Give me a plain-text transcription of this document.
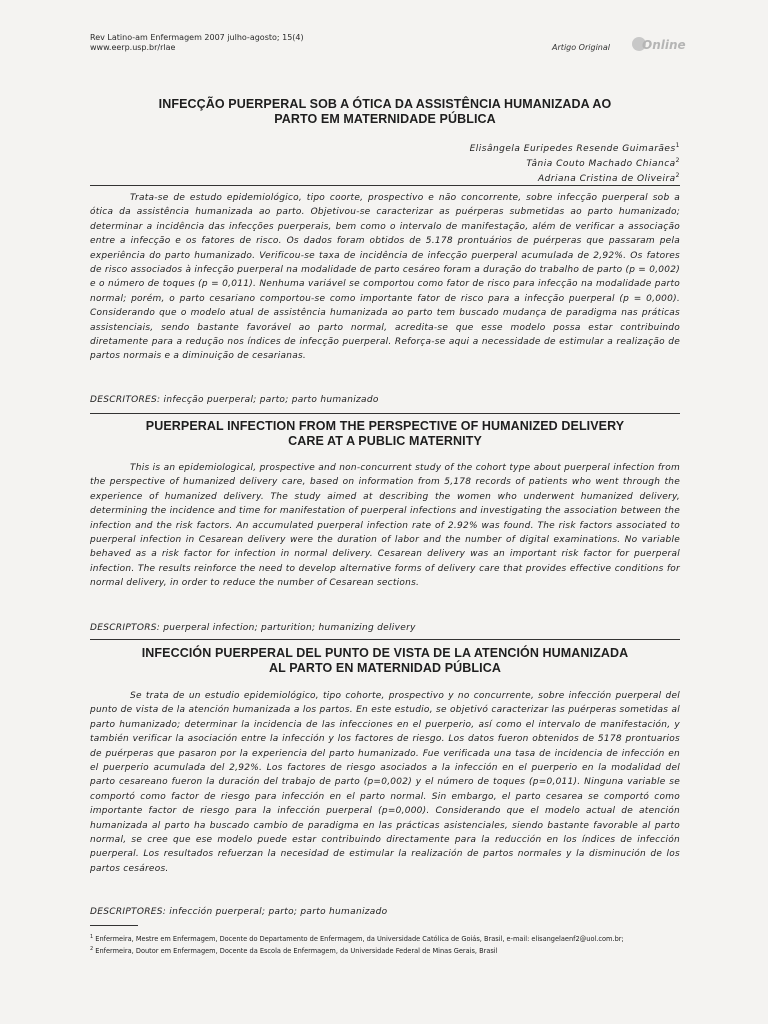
Rev Latino-am Enfermagem 2007 julho-agosto; 15(4)
www.eerp.usp.br/rlae	Artigo Original	Online
INFECÇÃO PUERPERAL SOB A ÓTICA DA ASSISTÊNCIA HUMANIZADA AO
PARTO EM MATERNIDADE PÚBLICA
Elisângela Euripedes Resende Guimarães$^1$
Tânia Couto Machado Chianca$^2$
Adriana Cristina de Oliveira$^2$

Trata-se de estudo epidemiológico, tipo coorte, prospectivo e não concorrente, sobre infecção puerperal sob a ótica da assistência humanizada ao parto. Objetivou-se caracterizar as puérperas submetidas ao parto humanizado; determinar a incidência das infecções puerperais, bem como o intervalo de manifestação, além de verificar a associação entre a infecção e os fatores de risco. Os dados foram obtidos de 5.178 prontuários de puérperas que passaram pela experiência do parto humanizado. Verificou-se taxa de incidência de infecção puerperal acumulada de 2,92%. Os fatores de risco associados à infecção puerperal na modalidade de parto cesáreo foram a duração do trabalho de parto (p = 0,002) e o número de toques (p = 0,011). Nenhuma variável se comportou como fator de risco para infecção na modalidade parto normal; porém, o parto cesariano comportou-se como importante fator de risco para a infecção puerperal (p = 0,000). Considerando que o modelo atual de assistência humanizada ao parto tem buscado mudança de paradigma nas práticas assistenciais, sendo bastante favorável ao parto normal, acredita-se que esse modelo possa estar contribuindo diretamente para a redução nos índices de infecção puerperal. Reforça-se aqui a necessidade de estimular a realização de partos normais e a diminuição de cesarianas.

DESCRITORES: infecção puerperal; parto; parto humanizado
PUERPERAL INFECTION FROM THE PERSPECTIVE OF HUMANIZED DELIVERY
CARE AT A PUBLIC MATERNITY

This is an epidemiological, prospective and non-concurrent study of the cohort type about puerperal infection from the perspective of humanized delivery care, based on information from 5,178 records of patients who went through the experience of humanized delivery. The study aimed at describing the women who underwent humanized delivery, determining the incidence and time for manifestation of puerperal infections and investigating the association between the infection and the risk factors. An accumulated puerperal infection rate of 2.92% was found. The risk factors associated to puerperal infection in Cesarean delivery were the duration of labor and the number of digital examinations. No variable behaved as a risk factor for infection in normal delivery. Cesarean delivery was an important risk factor for puerperal infection. The results reinforce the need to develop alternative forms of delivery care that provides effective conditions for normal delivery, in order to reduce the number of Cesarean sections.

DESCRIPTORS: puerperal infection; parturition; humanizing delivery
INFECCIÓN PUERPERAL DEL PUNTO DE VISTA DE LA ATENCIÓN HUMANIZADA
AL PARTO EN MATERNIDAD PÚBLICA

Se trata de un estudio epidemiológico, tipo cohorte, prospectivo y no concurrente, sobre infección puerperal del punto de vista de la atención humanizada a los partos. En este estudio, se objetivó caracterizar las puérperas sometidas al parto humanizado; determinar la incidencia de las infecciones en el puerperio, así como el intervalo de manifestación, y también verificar la asociación entre la infección y los factores de riesgo. Los datos fueron obtenidos de 5178 prontuarios de puérperas que pasaron por la experiencia del parto humanizado. Fue verificada una tasa de incidencia de infección en el puerperio acumulada del 2,92%. Los factores de riesgo asociados a la infección en el puerperio en la modalidad del parto cesareano fueron la duración del trabajo de parto (p=0,002) y el número de toques (p=0,011). Ninguna variable se comportó como factor de riesgo para infección en el parto normal. Sin embargo, el parto cesarea se comportó como importante factor de riesgo para la infección puerperal (p=0,000). Considerando que el modelo actual de atención humanizada al parto ha buscado cambio de paradigma en las prácticas asistenciales, siendo bastante favorable al parto normal, se cree que ese modelo puede estar contribuindo directamente para la reducción en los índices de infección puerperal. Los resultados refuerzan la necesidad de estimular la realización de partos normales y la disminución de los partos cesáreos.

DESCRIPTORES: infección puerperal; parto; parto humanizado
$^1$ Enfermeira, Mestre em Enfermagem, Docente do Departamento de Enfermagem, da Universidade Católica de Goiás, Brasil, e-mail: elisangelaenf2@uol.com.br;
$^2$ Enfermeira, Doutor em Enfermagem, Docente da Escola de Enfermagem, da Universidade Federal de Minas Gerais, Brasil
